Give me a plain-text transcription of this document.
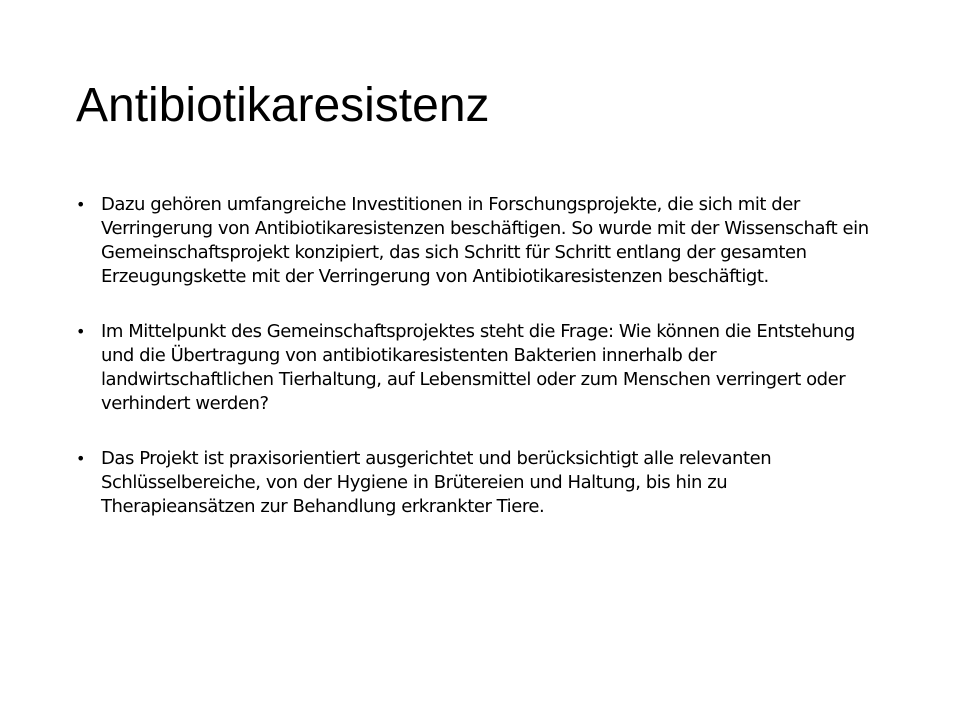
Antibiotikaresistenz
• Dazu gehören umfangreiche Investitionen in Forschungsprojekte, die sich mit der Verringerung von Antibiotikaresistenzen beschäftigen. So wurde mit der Wissenschaft ein Gemeinschaftsprojekt konzipiert, das sich Schritt für Schritt entlang der gesamten Erzeugungskette mit der Verringerung von Antibiotikaresistenzen beschäftigt.
• Im Mittelpunkt des Gemeinschaftsprojektes steht die Frage: Wie können die Entstehung und die Übertragung von antibiotikaresistenten Bakterien innerhalb der landwirtschaftlichen Tierhaltung, auf Lebensmittel oder zum Menschen verringert oder verhindert werden?
• Das Projekt ist praxisorientiert ausgerichtet und berücksichtigt alle relevanten Schlüsselbereiche, von der Hygiene in Brütereien und Haltung, bis hin zu Therapieansätzen zur Behandlung erkrankter Tiere.
